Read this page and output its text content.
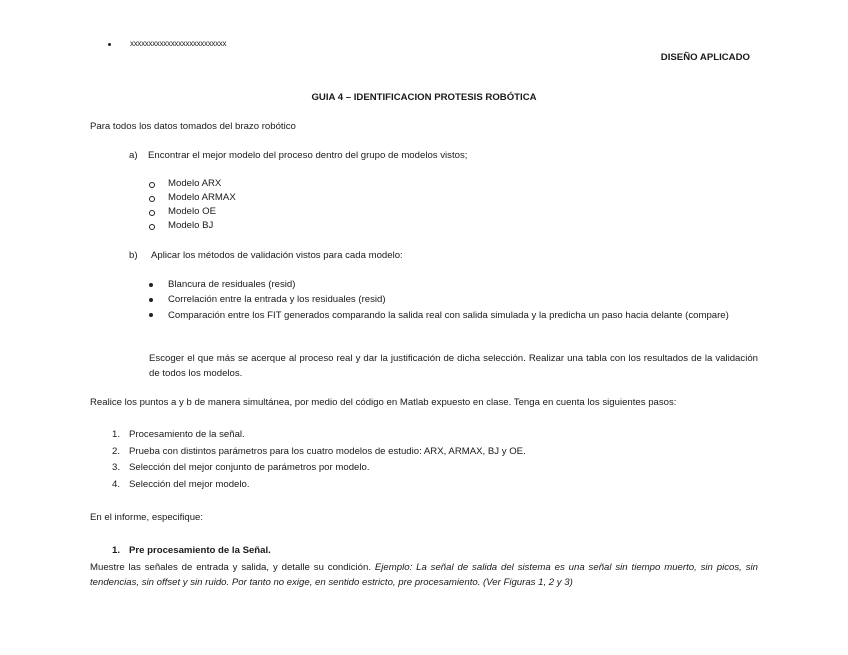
xxxxxxxxxxxxxxxxxxxxxxxxxx
DISEÑO APLICADO
GUIA 4 – IDENTIFICACION PROTESIS ROBÓTICA
Para todos los datos tomados del brazo robótico
a) Encontrar el mejor modelo del proceso dentro del grupo de modelos vistos;
Modelo ARX
Modelo ARMAX
Modelo OE
Modelo BJ
b) Aplicar los métodos de validación vistos para cada modelo:
Blancura de residuales (resid)
Correlación entre la entrada y los residuales (resid)
Comparación entre los FIT generados comparando la salida real con salida simulada y la predicha un paso hacia delante (compare)
Escoger el que más se acerque al proceso real y dar la justificación de dicha selección. Realizar una tabla con los resultados de la validación de todos los modelos.
Realice los puntos a y b de manera simultánea, por medio del código en Matlab expuesto en clase. Tenga en cuenta los siguientes pasos:
1. Procesamiento de la señal.
2. Prueba con distintos parámetros para los cuatro modelos de estudio: ARX, ARMAX, BJ y OE.
3. Selección del mejor conjunto de parámetros por modelo.
4. Selección del mejor modelo.
En el informe, especifique:
1. Pre procesamiento de la Señal.
Muestre las señales de entrada y salida, y detalle su condición. Ejemplo: La señal de salida del sistema es una señal sin tiempo muerto, sin picos, sin tendencias, sin offset y sin ruido. Por tanto no exige, en sentido estricto, pre procesamiento. (Ver Figuras 1, 2 y 3)
